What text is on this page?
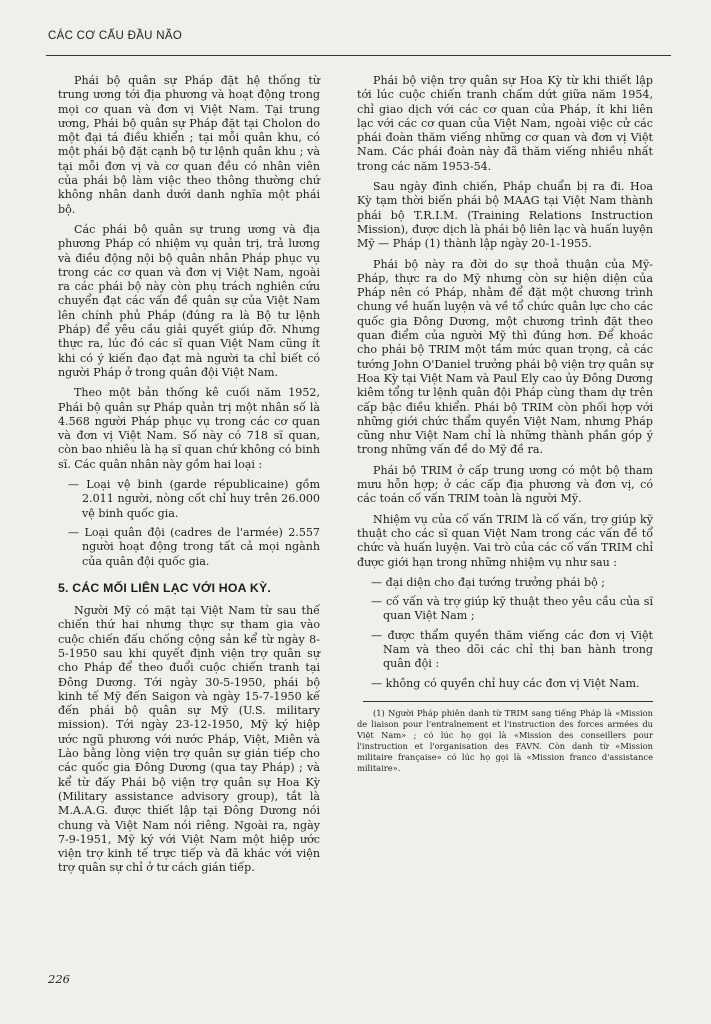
CÁC CƠ CẤU ĐẦU NÃO

Phái bộ quân sự Pháp đặt hệ thống từ trung ương tới địa phương và hoạt động trong mọi cơ quan và đơn vị Việt Nam. Tại trung ương, Phái bộ quân sự Pháp đặt tại Cholon do một đại tá điều khiển ; tại mỗi quân khu, có một phái bộ đặt cạnh bộ tư lệnh quân khu ; và tại mỗi đơn vị và cơ quan đều có nhân viên của phái bộ làm việc theo thông thường chứ không nhân danh dưới danh nghĩa một phái bộ.

Các phái bộ quân sự trung ương và địa phương Pháp có nhiệm vụ quản trị, trả lương và điều động nội bộ quân nhân Pháp phục vụ trong các cơ quan và đơn vị Việt Nam, ngoài ra các phái bộ này còn phụ trách nghiên cứu chuyển đạt các vấn đề quân sự của Việt Nam lên chính phủ Pháp (đúng ra là Bộ tư lệnh Pháp) để yêu cầu giải quyết giúp đỡ. Nhưng thực ra, lúc đó các sĩ quan Việt Nam cũng ít khi có ý kiến đạo đạt mà người ta chỉ biết có người Pháp ở trong quân đội Việt Nam.

Theo một bản thống kê cuối năm 1952, Phái bộ quân sự Pháp quản trị một nhân số là 4.568 người Pháp phục vụ trong các cơ quan và đơn vị Việt Nam. Số này có 718 sĩ quan, còn bao nhiêu là hạ sĩ quan chứ không có binh sĩ. Các quân nhân này gồm hai loại :

— Loại vệ binh (garde républicaine) gồm 2.011 người, nòng cốt chỉ huy trên 26.000 vệ binh quốc gia.

— Loại quân đội (cadres de l'armée) 2.557 người hoạt động trong tất cả mọi ngành của quân đội quốc gia.

5. CÁC MỐI LIÊN LẠC VỚI HOA KỲ.

Người Mỹ có mặt tại Việt Nam từ sau thế chiến thứ hai nhưng thực sự tham gia vào cuộc chiến đấu chống cộng sản kể từ ngày 8-5-1950 sau khi quyết định viện trợ quân sự cho Pháp để theo đuổi cuộc chiến tranh tại Đông Dương. Tới ngày 30-5-1950, phái bộ kinh tế Mỹ đến Saigon và ngày 15-7-1950 kế đến phái bộ quân sự Mỹ (U.S. military mission). Tới ngày 23-12-1950, Mỹ ký hiệp ước ngũ phương với nước Pháp, Việt, Miên và Lào bằng lòng viện trợ quân sự gián tiếp cho các quốc gia Đông Dương (qua tay Pháp) ; và kể từ đấy Phái bộ viện trợ quân sự Hoa Kỳ (Military assistance advisory group), tắt là M.A.A.G. được thiết lập tại Đông Dương nói chung và Việt Nam nói riêng. Ngoài ra, ngày 7-9-1951, Mỹ ký với Việt Nam một hiệp ước viện trợ kinh tế trực tiếp và đã khác với viện trợ quân sự chỉ ở tư cách gián tiếp.

Phái bộ viện trợ quân sự Hoa Kỳ từ khi thiết lập tới lúc cuộc chiến tranh chấm dứt giữa năm 1954, chỉ giao dịch với các cơ quan của Pháp, ít khi liên lạc với các cơ quan của Việt Nam, ngoài việc cử các phái đoàn thăm viếng những cơ quan và đơn vị Việt Nam. Các phái đoàn này đã thăm viếng nhiều nhất trong các năm 1953-54.

Sau ngày đình chiến, Pháp chuẩn bị ra đi. Hoa Kỳ tạm thời biến phái bộ MAAG tại Việt Nam thành phái bộ T.R.I.M. (Training Relations Instruction Mission), được dịch là phái bộ liên lạc và huấn luyện Mỹ — Pháp (1) thành lập ngày 20-1-1955.

Phái bộ này ra đời do sự thoả thuận của Mỹ-Pháp, thực ra do Mỹ nhưng còn sự hiện diện của Pháp nên có Pháp, nhằm để đặt một chương trình chung về huấn luyện và về tổ chức quân lực cho các quốc gia Đông Dương, một chương trình đặt theo quan điểm của người Mỹ thì đúng hơn. Để khoác cho phái bộ TRIM một tầm mức quan trọng, cả các tướng John O'Daniel trưởng phái bộ viện trợ quân sự Hoa Kỳ tại Việt Nam và Paul Ely cao ủy Đông Dương kiêm tổng tư lệnh quân đội Pháp cùng tham dự trên cấp bậc điều khiển. Phái bộ TRIM còn phối hợp với những giới chức thẩm quyền Việt Nam, nhưng Pháp cũng như Việt Nam chỉ là những thành phần góp ý trong những vấn đề do Mỹ đề ra.

Phái bộ TRIM ở cấp trung ương có một bộ tham mưu hỗn hợp; ở các cấp địa phương và đơn vị, có các toán cố vấn TRIM toàn là người Mỹ.

Nhiệm vụ của cố vấn TRIM là cố vấn, trợ giúp kỹ thuật cho các sĩ quan Việt Nam trong các vấn đề tổ chức và huấn luyện. Vai trò của các cố vấn TRIM chỉ được giới hạn trong những nhiệm vụ như sau :

— đại diện cho đại tướng trưởng phái bộ ;

— cố vấn và trợ giúp kỹ thuật theo yêu cầu của sĩ quan Việt Nam ;

— được thẩm quyền thăm viếng các đơn vị Việt Nam và theo dõi các chỉ thị ban hành trong quân đội :

— không có quyền chỉ huy các đơn vị Việt Nam.

(1) Người Pháp phiên danh từ TRIM sang tiếng Pháp là «Mission de liaison pour l'entraînement et l'instruction des forces armées du Việt Nam» ; có lúc họ gọi là «Mission des conseillers pour l'instruction et l'organisation des FAVN. Còn danh từ «Mission militaire française» có lúc họ gọi là «Mission franco d'assistance militaire».

226
